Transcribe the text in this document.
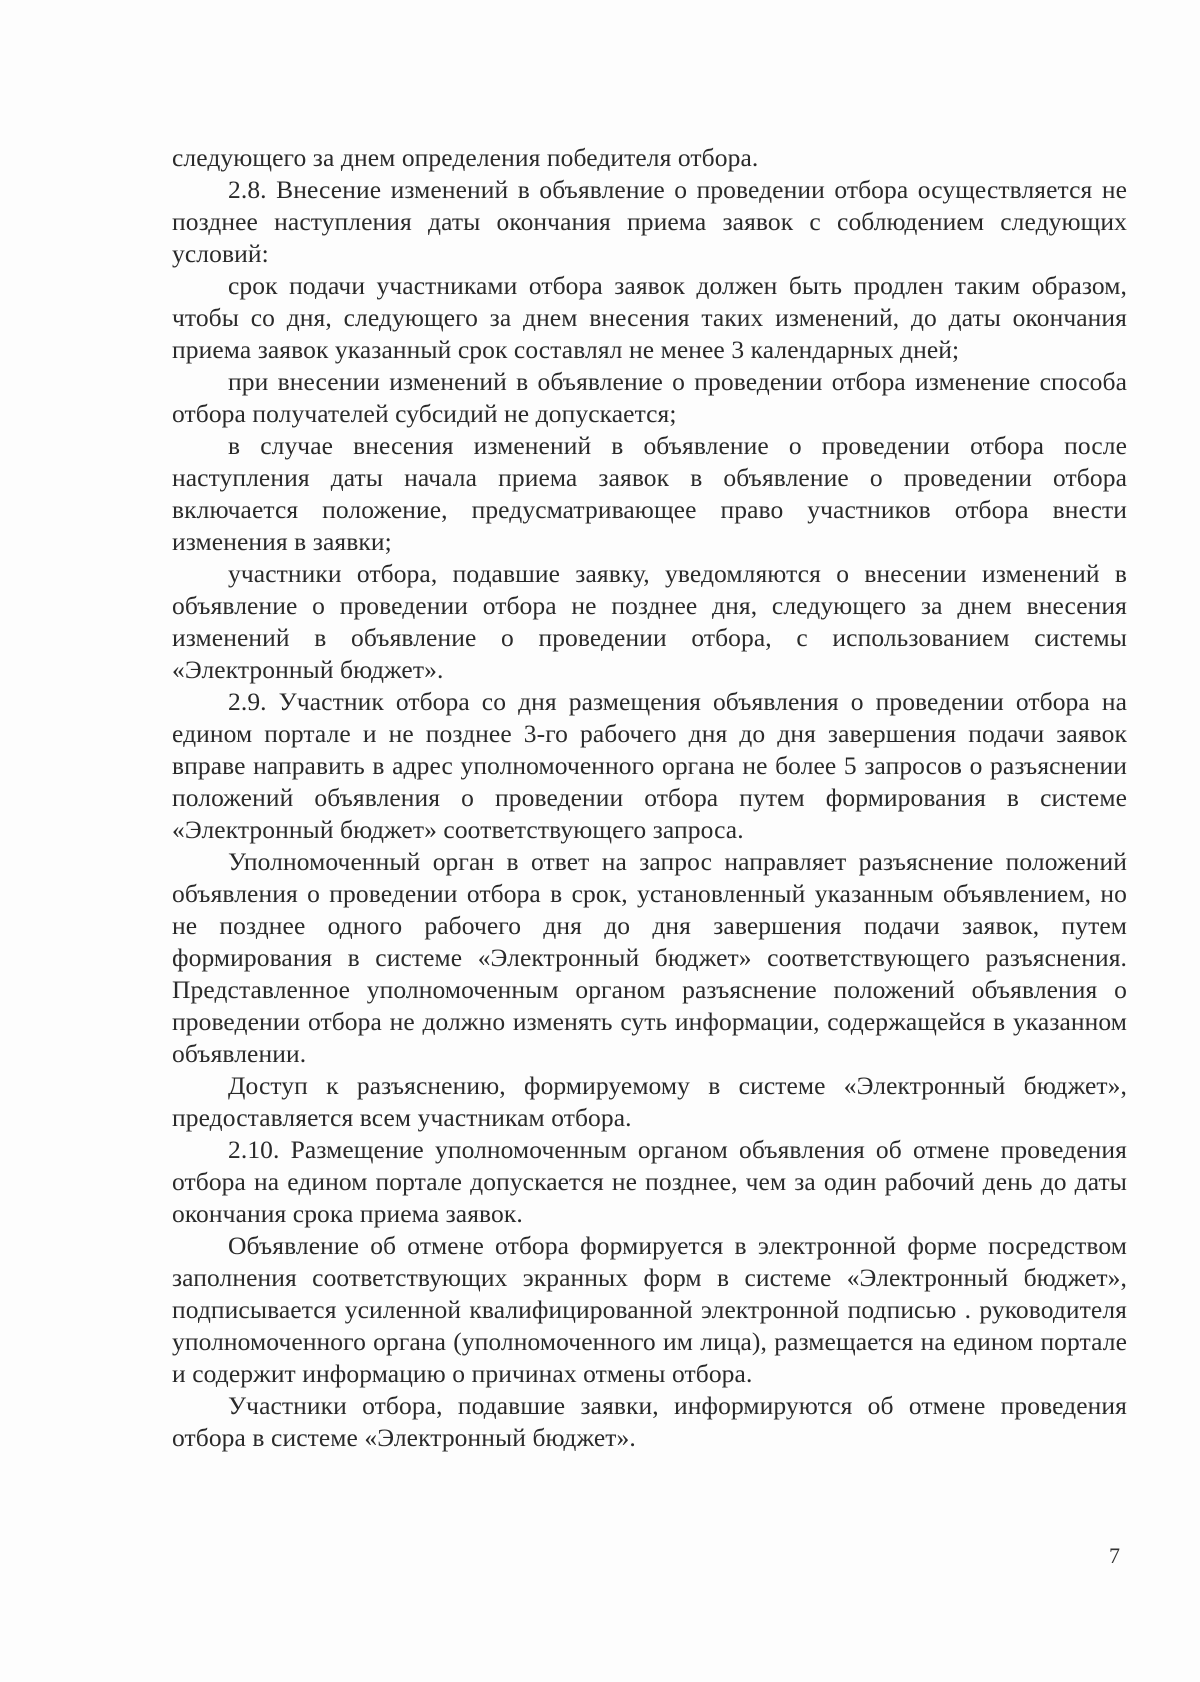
следующего за днем определения победителя отбора.

2.8. Внесение изменений в объявление о проведении отбора осуществляется не позднее наступления даты окончания приема заявок с соблюдением следующих условий:

срок подачи участниками отбора заявок должен быть продлен таким образом, чтобы со дня, следующего за днем внесения таких изменений, до даты окончания приема заявок указанный срок составлял не менее 3 календарных дней;

при внесении изменений в объявление о проведении отбора изменение способа отбора получателей субсидий не допускается;

в случае внесения изменений в объявление о проведении отбора после наступления даты начала приема заявок в объявление о проведении отбора включается положение, предусматривающее право участников отбора внести изменения в заявки;

участники отбора, подавшие заявку, уведомляются о внесении изменений в объявление о проведении отбора не позднее дня, следующего за днем внесения изменений в объявление о проведении отбора, с использованием системы «Электронный бюджет».

2.9. Участник отбора со дня размещения объявления о проведении отбора на едином портале и не позднее 3-го рабочего дня до дня завершения подачи заявок вправе направить в адрес уполномоченного органа не более 5 запросов о разъяснении положений объявления о проведении отбора путем формирования в системе «Электронный бюджет» соответствующего запроса.

Уполномоченный орган в ответ на запрос направляет разъяснение положений объявления о проведении отбора в срок, установленный указанным объявлением, но не позднее одного рабочего дня до дня завершения подачи заявок, путем формирования в системе «Электронный бюджет» соответствующего разъяснения. Представленное уполномоченным органом разъяснение положений объявления о проведении отбора не должно изменять суть информации, содержащейся в указанном объявлении.

Доступ к разъяснению, формируемому в системе «Электронный бюджет», предоставляется всем участникам отбора.

2.10. Размещение уполномоченным органом объявления об отмене проведения отбора на едином портале допускается не позднее, чем за один рабочий день до даты окончания срока приема заявок.

Объявление об отмене отбора формируется в электронной форме посредством заполнения соответствующих экранных форм в системе «Электронный бюджет», подписывается усиленной квалифицированной электронной подписью . руководителя уполномоченного органа (уполномоченного им лица), размещается на едином портале и содержит информацию о причинах отмены отбора.

Участники отбора, подавшие заявки, информируются об отмене проведения отбора в системе «Электронный бюджет».

7
